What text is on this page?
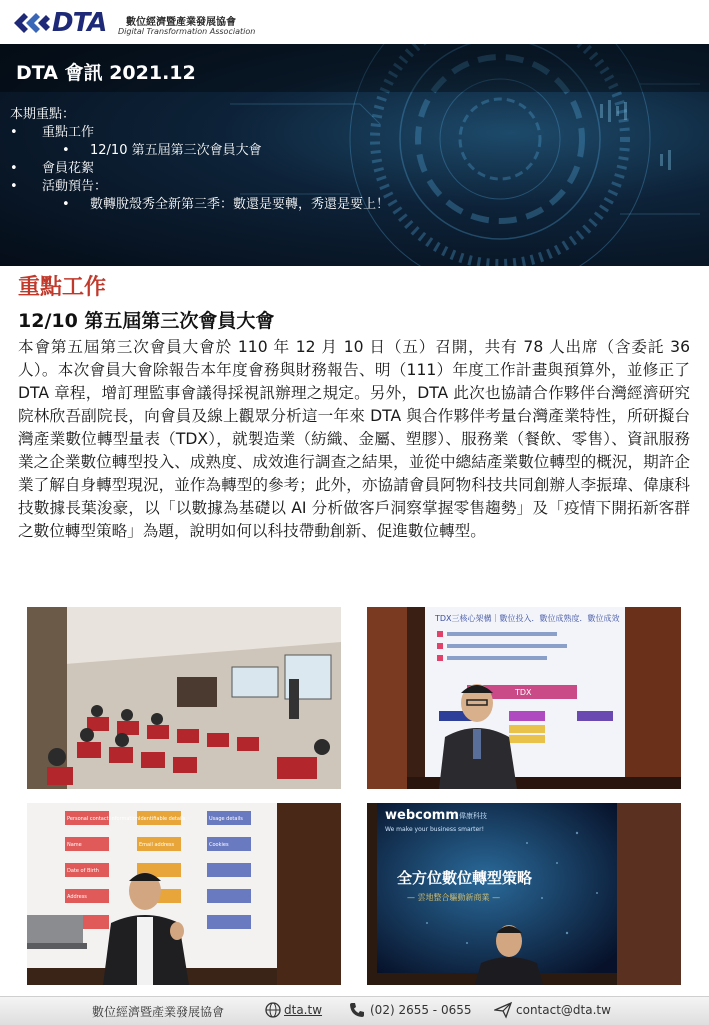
DTA 數位經濟暨產業發展協會
Digital Transformation Association
DTA 會訊 2021.12
本期重點：
• 重點工作
• 12/10 第五屆第三次會員大會
• 會員花絮
• 活動預告：
• 數轉脫殼秀全新第三季：數還是要轉，秀還是要上！
重點工作
12/10 第五屆第三次會員大會
本會第五屆第三次會員大會於 110 年 12 月 10 日（五）召開，共有 78 人出席（含委託 36 人）。本次會員大會除報告本年度會務與財務報告、明（111）年度工作計畫與預算外，並修正了 DTA 章程，增訂理監事會議得採視訊辦理之規定。另外，DTA 此次也協請合作夥伴台灣經濟研究院林欣吾副院長，向會員及線上觀眾分析這一年來 DTA 與合作夥伴考量台灣產業特性，所研擬台灣產業數位轉型量表（TDX），就製造業（紡織、金屬、塑膠）、服務業（餐飲、零售）、資訊服務業之企業數位轉型投入、成熟度、成效進行調查之結果，並從中總結產業數位轉型的概況，期許企業了解自身轉型現況，並作為轉型的參考；此外，亦協請會員阿物科技共同創辦人李振瑋、偉康科技數據長葉浚豪，以「以數據為基礎以 AI 分析做客戶洞察掌握零售趨勢」及「疫情下開拓新客群之數位轉型策略」為題，說明如何以科技帶動創新、促進數位轉型。
TDX三核心架構｜數位投入．數位成熟度．數位成效
TDX
Personal contact information
Name
Date of Birth
Address
Identifiable details
Email address
Usage details
Cookies
webcomm 偉康科技
We make your business smarter!
全方位數位轉型策略
— 雲地整合驅動新商業 —
數位經濟暨產業發展協會	dta.tw	(02) 2655 - 0655	contact@dta.tw
